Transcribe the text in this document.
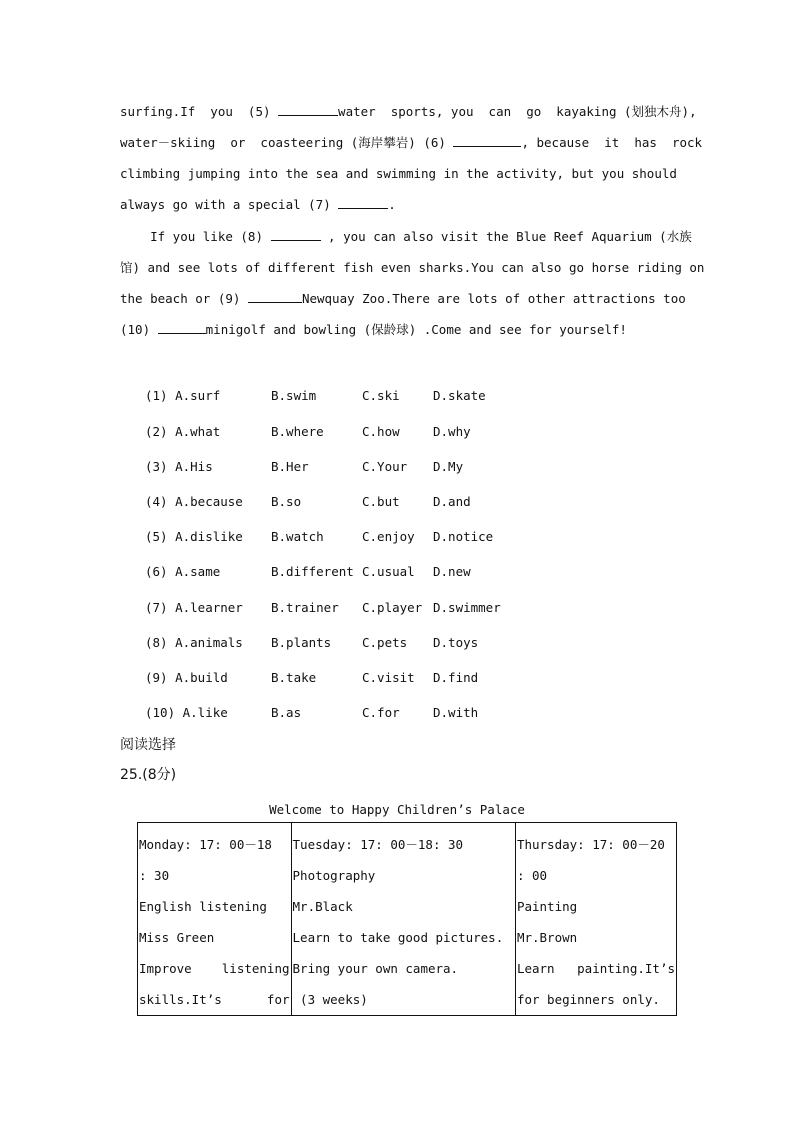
surfing.If  you  (5)	water  sports, you  can  go  kayaking (划独木舟),
water－skiing  or  coasteering (海岸攀岩) (6)	, because  it  has  rock
climbing jumping into the sea and swimming in the activity, but you should
always go with a special (7)	.
If you like (8)	, you can also visit the Blue Reef Aquarium (水族
馆) and see lots of different fish even sharks.You can also go horse riding on
the beach or (9)	Newquay Zoo.There are lots of other attractions too
(10)	minigolf and bowling (保龄球) .Come and see for yourself!
(1) A.surf	B.swim	C.ski	D.skate
(2) A.what	B.where	C.how	D.why
(3) A.His	B.Her	C.Your D.My
(4) A.because B.so	C.but	D.and
(5) A.dislike B.watch	C.enjoy D.notice
(6) A.same	B.different C.usual D.new
(7) A.learner B.trainer C.player D.swimmer
(8) A.animals B.plants C.pets D.toys
(9) A.build	B.take	C.visit D.find
(10) A.like	B.as	C.for	D.with
阅读选择
25.(8分)
Welcome to Happy Children’s Palace
Monday: 17: 00－18
: 30
English listening
Miss Green
Improve    listening
skills.It’s      for

Tuesday: 17: 00－18: 30
Photography
Mr.Black
Learn to take good pictures.
Bring your own camera.
(3 weeks)

Thursday: 17: 00－20
: 00
Painting
Mr.Brown
Learn   painting.It’s
for beginners only.
